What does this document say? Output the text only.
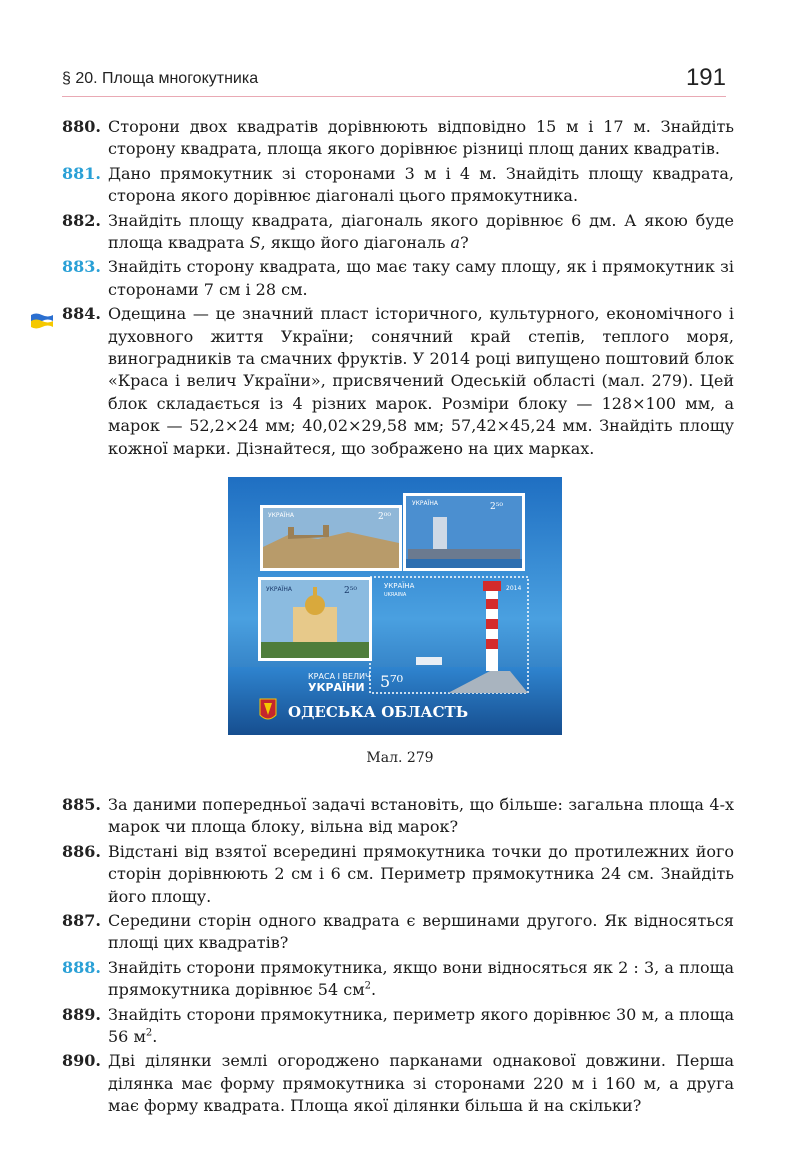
§ 20. Площа многокутника	191
880. Сторони двох квадратів дорівнюють відповідно 15 м і 17 м. Знайдіть сторону квадрата, площа якого дорівнює різниці площ даних квадратів.
881. Дано прямокутник зі сторонами 3 м і 4 м. Знайдіть площу квадрата, сторона якого дорівнює діагоналі цього прямокутника.
882. Знайдіть площу квадрата, діагональ якого дорівнює 6 дм. А якою буде площа квадрата S, якщо його діагональ a?
883. Знайдіть сторону квадрата, що має таку саму площу, як і прямокутник зі сторонами 7 см і 28 см.
884. Одещина — це значний пласт історичного, культурного, економічного і духовного життя України; сонячний край степів, теплого моря, виноградників та смачних фруктів. У 2014 році випущено поштовий блок «Краса і велич України», присвячений Одеській області (мал. 279). Цей блок складається із 4 різних марок. Розміри блоку — 128×100 мм, а марок — 52,2×24 мм; 40,02×29,58 мм; 57,42×45,24 мм. Знайдіть площу кожної марки. Дізнайтеся, що зображено на цих марках.
УКРАЇНА	2⁰⁰
УКРАЇНА	2⁵⁰
УКРАЇНА	2⁵⁰	УКРАЇНА
UKRAINA
2014
5⁷⁰
КРАСА І ВЕЛИЧ
УКРАЇНИ
ОДЕСЬКА ОБЛАСТЬ
Мал. 279
885. За даними попередньої задачі встановіть, що більше: загальна площа 4-х марок чи площа блоку, вільна від марок?
886. Відстані від взятої всередині прямокутника точки до протилежних його сторін дорівнюють 2 см і 6 см. Периметр прямокутника 24 см. Знайдіть його площу.
887. Середини сторін одного квадрата є вершинами другого. Як відносяться площі цих квадратів?
888. Знайдіть сторони прямокутника, якщо вони відносяться як 2 : 3, а площа прямокутника дорівнює 54 $см^2$.
889. Знайдіть сторони прямокутника, периметр якого дорівнює 30 м, а площа 56 $м^2$.
890. Дві ділянки землі огороджено парканами однакової довжини. Перша ділянка має форму прямокутника зі сторонами 220 м і 160 м, а друга має форму квадрата. Площа якої ділянки більша й на скільки?
